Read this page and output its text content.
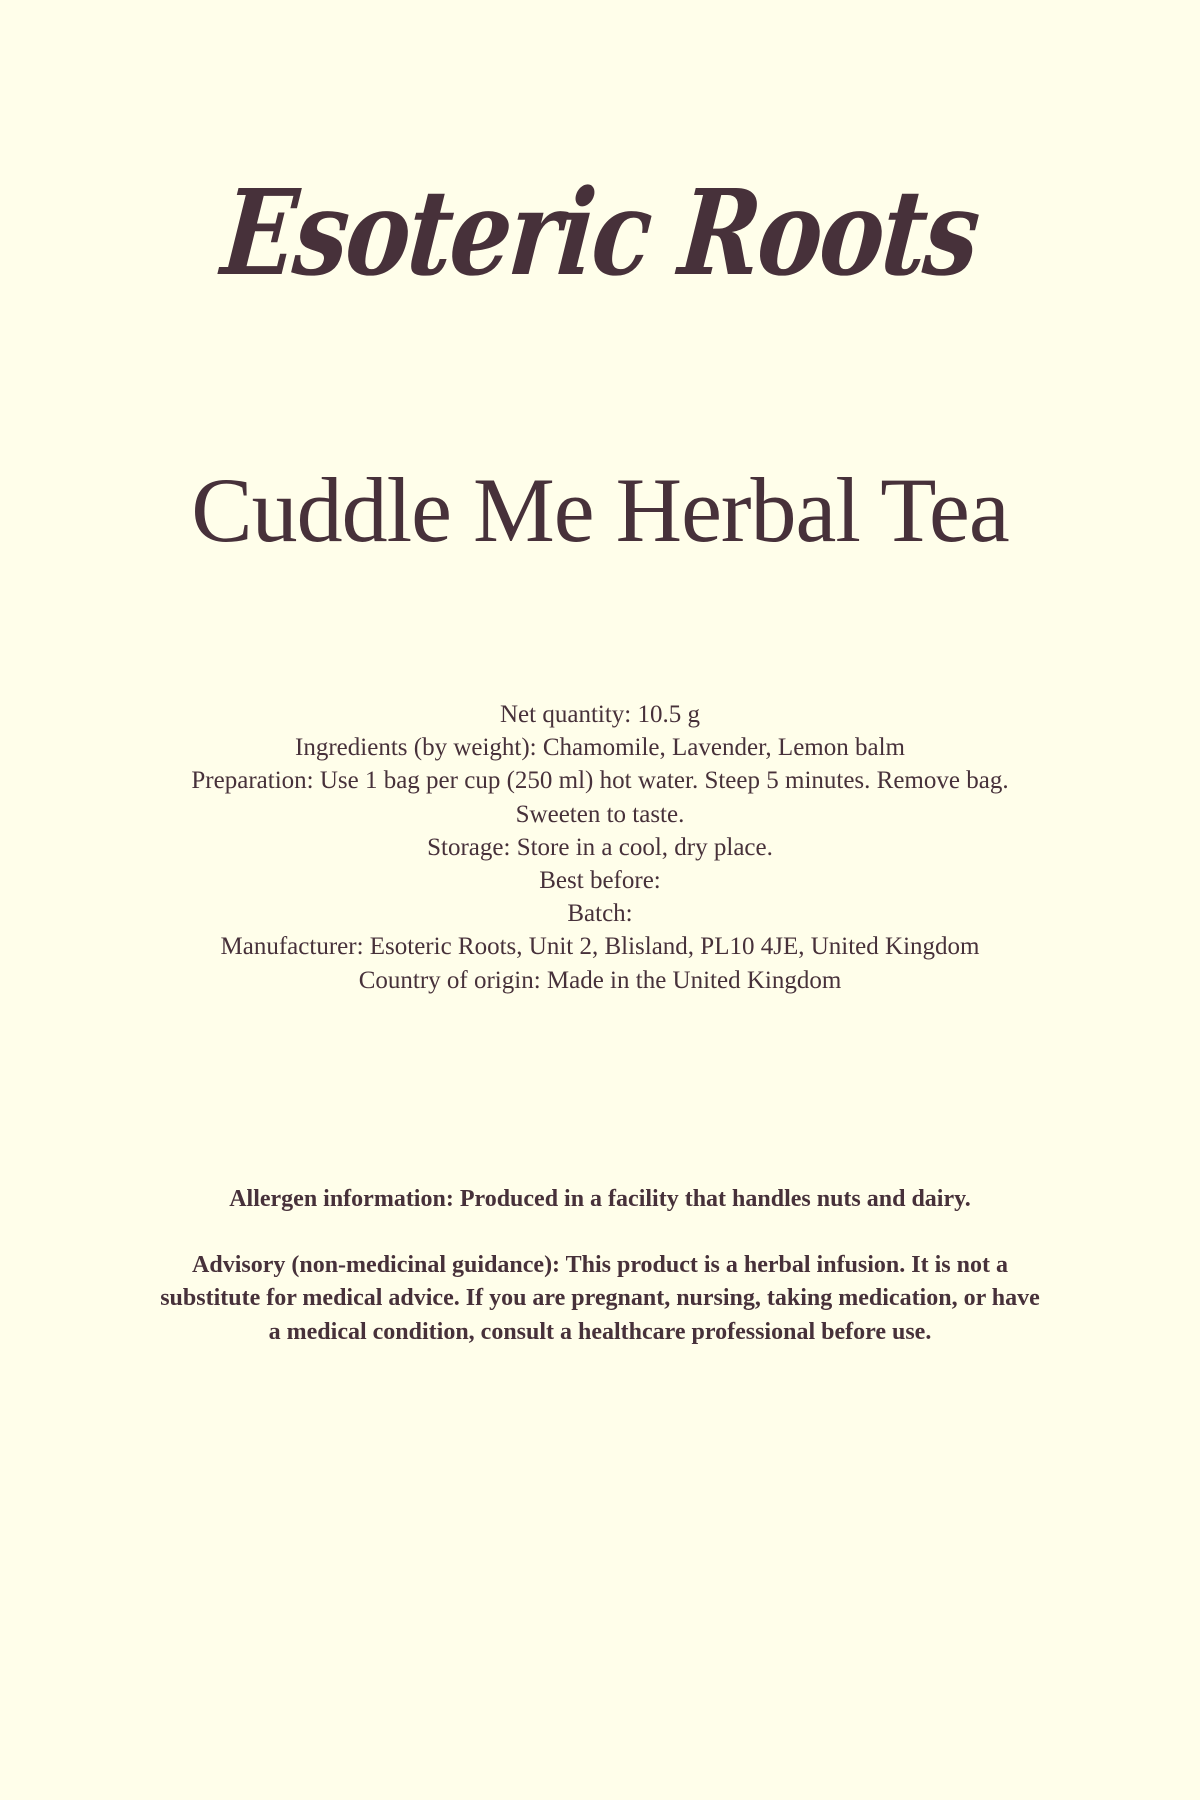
Esoteric Roots
Cuddle Me Herbal Tea
Net quantity: 10.5 g
Ingredients (by weight): Chamomile, Lavender, Lemon balm
Preparation: Use 1 bag per cup (250 ml) hot water. Steep 5 minutes. Remove bag.
Sweeten to taste.
Storage: Store in a cool, dry place.
Best before:
Batch:
Manufacturer: Esoteric Roots, Unit 2, Blisland, PL10 4JE, United Kingdom
Country of origin: Made in the United Kingdom
Allergen information: Produced in a facility that handles nuts and dairy.
Advisory (non-medicinal guidance): This product is a herbal infusion. It is not a substitute for medical advice. If you are pregnant, nursing, taking medication, or have a medical condition, consult a healthcare professional before use.
